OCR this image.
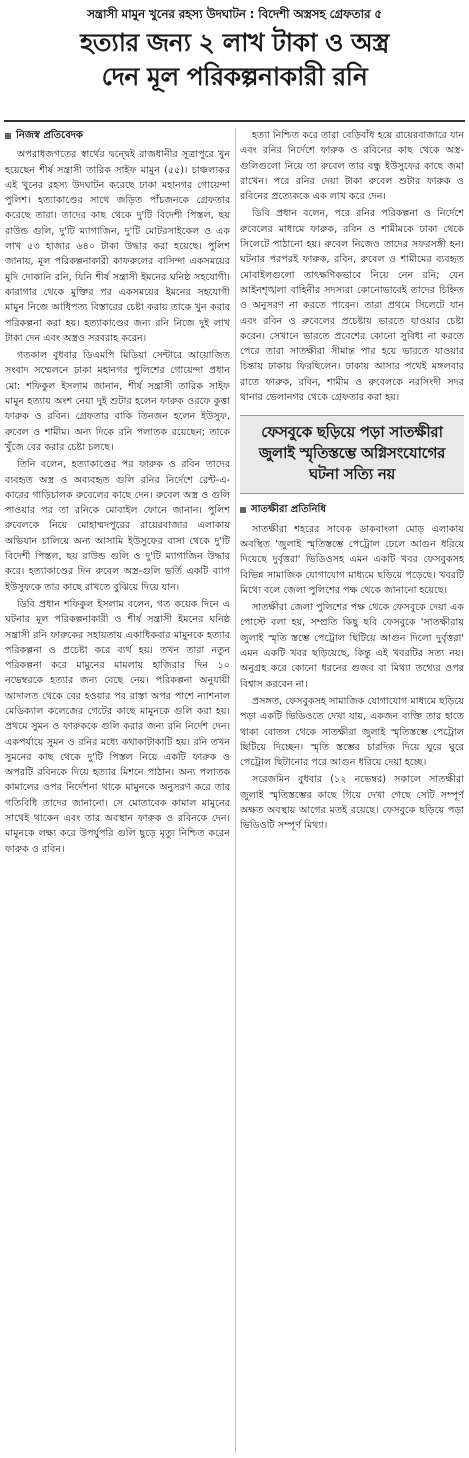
সন্ত্রাসী মামুন খুনের রহস্য উদঘাটন : বিদেশী অস্ত্রসহ গ্রেফতার ৫
হত্যার জন্য ২ লাখ টাকা ও অস্ত্র
দেন মূল পরিকল্পনাকারী রনি
নিজস্ব প্রতিবেদক

অপরাধজগতের স্বার্থের দ্বন্দ্বেই রাজধানীর সূত্রাপুরে খুন হয়েছেন শীর্ষ সন্ত্রাসী তারিক সাইফ মামুন (৫৫)। চাঞ্চল্যকর এই খুনের রহস্য উদঘাটন করেছে ঢাকা মহানগর গোয়েন্দা পুলিশ। হত্যাকাণ্ডের সাথে জড়িত পাঁচজনকে গ্রেফতার করেছে তারা। তাদের কাছ থেকে দু'টি বিদেশী পিস্তল, ছয় রাউন্ড গুলি, দু'টি ম্যাগাজিন, দু'টি মোটরসাইকেল ও এক লাখ ৫৩ হাজার ৬৪০ টাকা উদ্ধার করা হয়েছে। পুলিশ জানায়, মূল পরিকল্পনাকারী কাফরুলের বাসিন্দা একসময়ের মুদি দোকানি রনি, যিনি শীর্ষ সন্ত্রাসী ইমনের ঘনিষ্ঠ সহযোগী। কারাগার থেকে মুক্তির পর একসময়ের ইমনের সহযোগী মামুন নিজে আধিপত্য বিস্তারের চেষ্টা করায় তাকে খুন করার পরিকল্পনা করা হয়। হত্যাকাণ্ডের জন্য রনি নিজে দুই লাখ টাকা দেন এবং অস্ত্রও সরবরাহ করেন।

গতকাল বুধবার ডিএমপি মিডিয়া সেন্টারে আয়োজিত সংবাদ সম্মেলনে ঢাকা মহানগর পুলিশের গোয়েন্দা প্রধান মো: শফিকুল ইসলাম জানান, শীর্ষ সন্ত্রাসী তারিক সাইফ মামুন হত্যায় অংশ নেয়া দুই শুটার হলেন ফারুক ওরফে কুত্তা ফারুক ও রবিন। গ্রেফতার বাকি তিনজন হলেন ইউসুফ, রুবেল ও শামীম। অন্য দিকে রনি পলাতক রয়েছেন; তাকে খুঁজে বের করার চেষ্টা চলছে।

তিনি বলেন, হত্যাকাণ্ডের পর ফারুক ও রবিন তাদের ব্যবহৃত অস্ত্র ও অব্যবহৃত গুলি রনির নির্দেশে রেন্ট-এ-কারের গাড়িচালক রুবেলের কাছে দেন। রুবেল অস্ত্র ও গুলি পাওয়ার পর তা রনিকে মোবাইল ফোনে জানান। পুলিশ রুবেলকে নিয়ে মোহাম্মদপুরের রায়েরবাজার এলাকায় অভিযান চালিয়ে অন্য আসামি ইউসুফের বাসা থেকে দু'টি বিদেশী পিস্তল, ছয় রাউন্ড গুলি ও দু'টি ম্যাগাজিন উদ্ধার করে। হত্যাকাণ্ডের দিন রুবেল অস্ত্র-গুলি ভর্তি একটি ব্যাগ ইউসুফকে তার কাছে রাখতে বুঝিয়ে দিয়ে যান।

ডিবি প্রধান শফিকুল ইসলাম বলেন, গত কয়েক দিনে এ ঘটনার মূল পরিকল্পনাকারী ও শীর্ষ সন্ত্রাসী ইমনের ঘনিষ্ঠ সন্ত্রাসী রনি ফারুকের সহায়তায় একাধিকবার মামুনকে হত্যার পরিকল্পনা ও প্রচেষ্টা করে ব্যর্থ হয়। তখন তারা নতুন পরিকল্পনা করে মামুনের মামলায় হাজিরার দিন ১০ নভেম্বরকে হত্যার জন্য বেছে নেয়। পরিকল্পনা অনুযায়ী আদালত থেকে বের হওয়ার পর রাস্তা অপর পাশে ন্যাশনাল মেডিক্যাল কলেজের গেটের কাছে মামুনকে গুলি করা হয়। প্রথমে সুমন ও ফারুককে গুলি করার জন্য রনি নির্দেশ দেন। একপর্যায়ে সুমন ও রনির মধ্যে কথাকাটাকাটি হয়। রনি তখন সুমনের কাছ থেকে দু'টি পিস্তল নিয়ে একটি ফারুক ও অপরটি রবিনকে দিয়ে হত্যার মিশনে পাঠান। অন্য পলাতক কামালের ওপর নির্দেশনা থাকে মামুনকে অনুসরণ করে তার গতিবিধি তাদের জানানো। সে মোতাবেক কামাল মামুনের সাথেই থাকেন এবং তার অবস্থান ফারুক ও রবিনকে দেন। মামুনকে লক্ষ্য করে উপর্যুপরি গুলি ছুড়ে মৃত্যু নিশ্চিত করেন ফারুক ও রবিন।

হত্যা নিশ্চিত করে তারা বেড়িবাঁধ হয়ে রায়েরবাজারে যান এবং রনির নির্দেশে ফারুক ও রবিনের কাছ থেকে অস্ত্র-গুলিগুলো নিয়ে তা রুবেল তার বন্ধু ইউসুফের কাছে জমা রাখেন। পরে রনির দেয়া টাকা রুবেল শুটার ফারুক ও রবিনের প্রত্যেককে এক লাখ করে দেন।

ডিবি প্রধান বলেন, পরে রনির পরিকল্পনা ও নির্দেশে রুবেলের মাধ্যমে ফারুক, রবিন ও শামীমকে ঢাকা থেকে সিলেটে পাঠানো হয়। রুবেল নিজেও তাদের সফরসঙ্গী হন। ঘটনার পরপরই ফারুক, রবিন, রুবেল ও শামীমের ব্যবহৃত মোবাইলগুলো তাৎক্ষণিকভাবে নিয়ে নেন রনি; যেন আইনশৃঙ্খলা বাহিনীর সদস্যরা কোনোভাবেই তাদের চিহ্নিত ও অনুসরণ না করতে পারেন। তারা প্রথমে সিলেটে যান এবং রবিন ও রুবেলের প্রচেষ্টায় ভারতে যাওয়ার চেষ্টা করেন। সেখানে ভারতে প্রবেশের কোনো সুবিধা না করতে পেরে তারা সাতক্ষীরা সীমান্ত পার হয়ে ভারতে যাওয়ার চিন্তায় ঢাকায় ফিরছিলেন। ঢাকায় আসার পথেই মঙ্গলবার রাতে ফারুক, রবিন, শামীম ও রুবেলকে নরসিংদী সদর থানার ভেলানগর থেকে গ্রেফতার করা হয়।

ফেসবুকে ছড়িয়ে পড়া সাতক্ষীরা
জুলাই স্মৃতিস্তম্ভে অগ্নিসংযোগের
ঘটনা সত্যি নয়
সাতক্ষীরা প্রতিনিধি

সাতক্ষীরা শহরের সাবেক ডাকবাংলা মোড় এলাকায় অবস্থিত 'জুলাই স্মৃতিস্তম্ভে পেট্রোল ঢেলে আগুন ধরিয়ে দিয়েছে দুর্বৃত্তরা' ভিডিওসহ এমন একটি খবর ফেসবুকসহ বিভিন্ন সামাজিক যোগাযোগ মাধ্যমে ছড়িয়ে পড়েছে। খবরটি মিথ্যে বলে জেলা পুলিশের পক্ষ থেকে জানানো হয়েছে।

সাতক্ষীরা জেলা পুলিশের পক্ষ থেকে ফেসবুকে দেয়া এক পোস্টে বলা হয়, সম্প্রতি কিছু ছবি ফেসবুকে 'সাতক্ষীরায় জুলাই স্মৃতি স্তম্ভে পেট্রোল ছিটিয়ে আগুন দিলো দুর্বৃত্তরা' এমন একটি খবর ছড়িয়েছে, কিন্তু এই খবরটির সত্য নয়। অনুগ্রহ করে কোনো ধরনের গুজব বা মিথ্যা তথ্যের ওপর বিশ্বাস করবেন না।

প্রসঙ্গত, ফেসবুকসহ সামাজিক যোগাযোগ মাধ্যমে ছড়িয়ে পড়া একটি ভিডিওতে দেখা যায়, একজন ব্যক্তি তার হাতে থাকা বোতল থেকে সাতক্ষীরা জুলাই স্মৃতিস্তম্ভে পেট্রোল ছিটিয়ে দিচ্ছেন। স্মৃতি স্তম্ভের চারদিক দিয়ে ঘুরে ঘুরে পেট্রোল ছিটানোর পরে আগুন ধরিয়ে দেয়া হচ্ছে।

সরেজমিন বুধবার (১২ নভেম্বর) সকালে সাতক্ষীরা জুলাই স্মৃতিস্তম্ভের কাছে গিয়ে দেখা গেছে সেটি সম্পূর্ণ অক্ষত অবস্থায় আগের মতই রয়েছে। ফেসবুকে ছড়িয়ে পড়া ভিডিওটি সম্পূর্ণ মিথ্যা।
